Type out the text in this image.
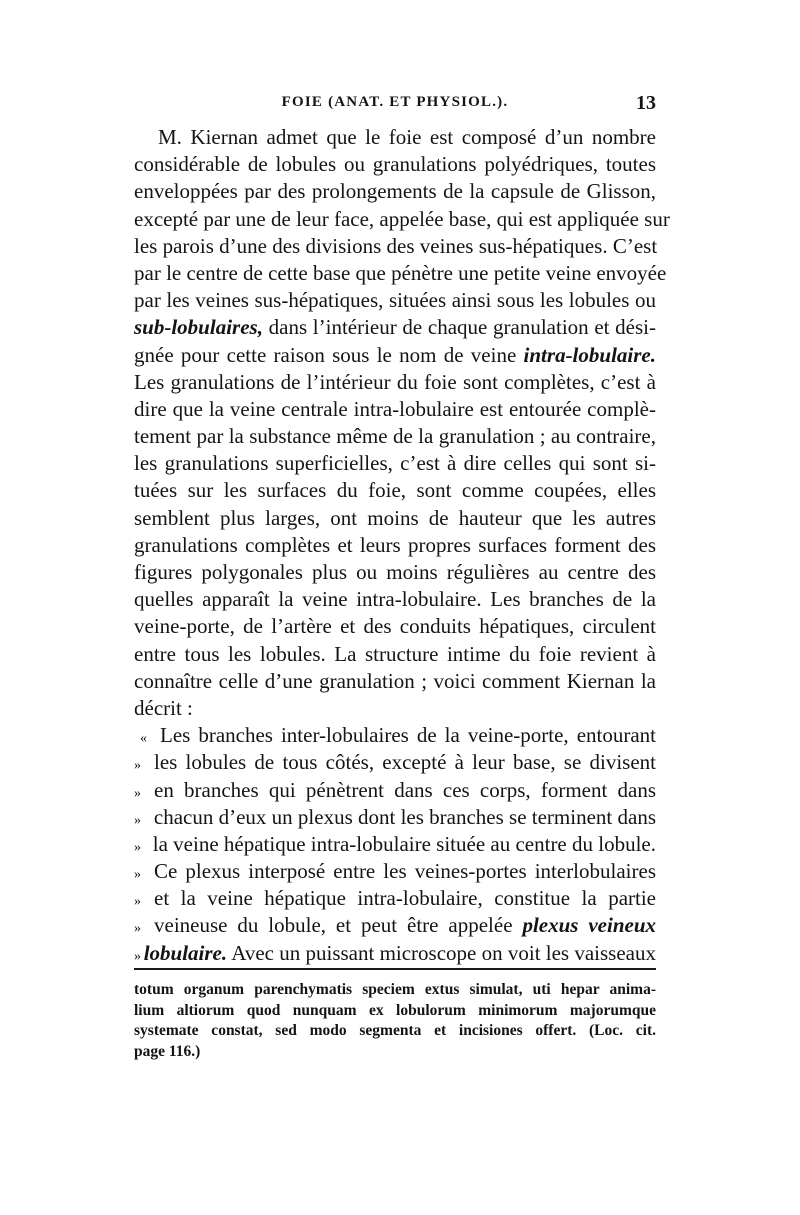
FOIE (ANAT. ET PHYSIOL.).	13
M. Kiernan admet que le foie est composé d’un nombre
considérable de lobules ou granulations polyédriques, toutes
enveloppées par des prolongements de la capsule de Glisson,
excepté par une de leur face, appelée base, qui est appliquée sur
les parois d’une des divisions des veines sus-hépatiques. C’est
par le centre de cette base que pénètre une petite veine envoyée
par les veines sus-hépatiques, situées ainsi sous les lobules ou
sub-lobulaires, dans l’intérieur de chaque granulation et dési-
gnée pour cette raison sous le nom de veine intra-lobulaire.
Les granulations de l’intérieur du foie sont complètes, c’est à
dire que la veine centrale intra-lobulaire est entourée complè-
tement par la substance même de la granulation ; au contraire,
les granulations superficielles, c’est à dire celles qui sont si-
tuées sur les surfaces du foie, sont comme coupées, elles
semblent plus larges, ont moins de hauteur que les autres
granulations complètes et leurs propres surfaces forment des
figures polygonales plus ou moins régulières au centre des
quelles apparaît la veine intra-lobulaire. Les branches de la
veine-porte, de l’artère et des conduits hépatiques, circulent
entre tous les lobules. La structure intime du foie revient à
connaître celle d’une granulation ; voici comment Kiernan la
décrit :
« Les branches inter-lobulaires de la veine-porte, entourant
» les lobules de tous côtés, excepté à leur base, se divisent
» en branches qui pénètrent dans ces corps, forment dans
» chacun d’eux un plexus dont les branches se terminent dans
» la veine hépatique intra-lobulaire située au centre du lobule.
» Ce plexus interposé entre les veines-portes interlobulaires
» et la veine hépatique intra-lobulaire, constitue la partie
» veineuse du lobule, et peut être appelée plexus veineux
» lobulaire. Avec un puissant microscope on voit les vaisseaux
totum organum parenchymatis speciem extus simulat, uti hepar anima-
lium altiorum quod nunquam ex lobulorum minimorum majorumque
systemate constat, sed modo segmenta et incisiones offert. (Loc. cit.
page 116.)
